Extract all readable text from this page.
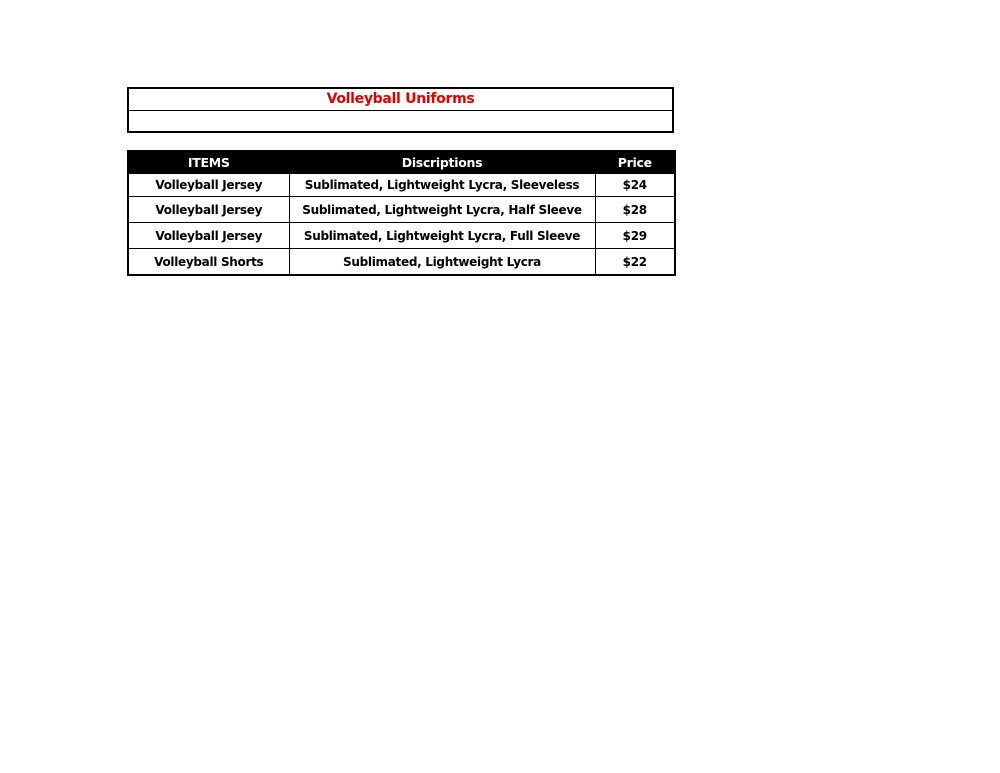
Volleyball Uniforms
ITEMS	Discriptions	Price
Volleyball Jersey	Sublimated, Lightweight Lycra, Sleeveless	$24
Volleyball Jersey	Sublimated, Lightweight Lycra, Half Sleeve	$28
Volleyball Jersey	Sublimated, Lightweight Lycra, Full Sleeve	$29
Volleyball Shorts	Sublimated, Lightweight Lycra	$22
